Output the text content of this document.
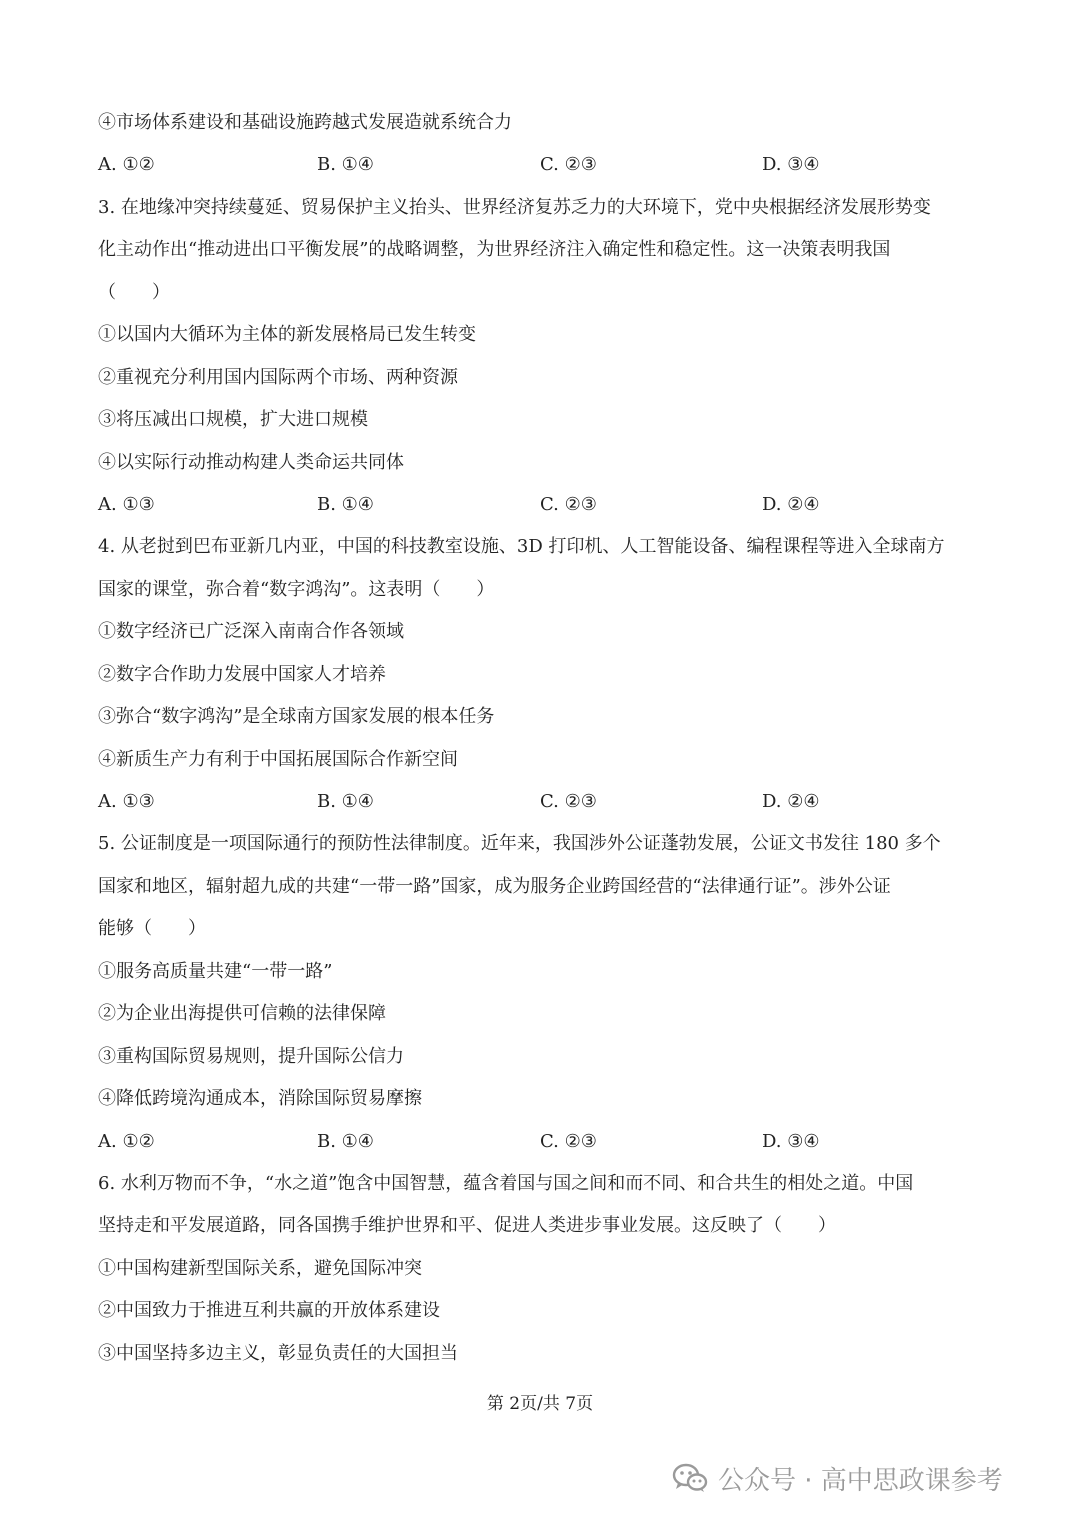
④市场体系建设和基础设施跨越式发展造就系统合力
A. ①②	B. ①④	C. ②③	D. ③④
3. 在地缘冲突持续蔓延、贸易保护主义抬头、世界经济复苏乏力的大环境下，党中央根据经济发展形势变
化主动作出“推动进出口平衡发展”的战略调整，为世界经济注入确定性和稳定性。这一决策表明我国
（　　）
①以国内大循环为主体的新发展格局已发生转变
②重视充分利用国内国际两个市场、两种资源
③将压减出口规模，扩大进口规模
④以实际行动推动构建人类命运共同体
A. ①③	B. ①④	C. ②③	D. ②④
4. 从老挝到巴布亚新几内亚，中国的科技教室设施、3D 打印机、人工智能设备、编程课程等进入全球南方
国家的课堂，弥合着“数字鸿沟”。这表明（　　）
①数字经济已广泛深入南南合作各领域
②数字合作助力发展中国家人才培养
③弥合“数字鸿沟”是全球南方国家发展的根本任务
④新质生产力有利于中国拓展国际合作新空间
A. ①③	B. ①④	C. ②③	D. ②④
5. 公证制度是一项国际通行的预防性法律制度。近年来，我国涉外公证蓬勃发展，公证文书发往 180 多个
国家和地区，辐射超九成的共建“一带一路”国家，成为服务企业跨国经营的“法律通行证”。涉外公证
能够（　　）
①服务高质量共建“一带一路”
②为企业出海提供可信赖的法律保障
③重构国际贸易规则，提升国际公信力
④降低跨境沟通成本，消除国际贸易摩擦
A. ①②	B. ①④	C. ②③	D. ③④
6. 水利万物而不争，“水之道”饱含中国智慧，蕴含着国与国之间和而不同、和合共生的相处之道。中国
坚持走和平发展道路，同各国携手维护世界和平、促进人类进步事业发展。这反映了（　　）
①中国构建新型国际关系，避免国际冲突
②中国致力于推进互利共赢的开放体系建设
③中国坚持多边主义，彰显负责任的大国担当
第 2页/共 7页
公众号 · 高中思政课参考
